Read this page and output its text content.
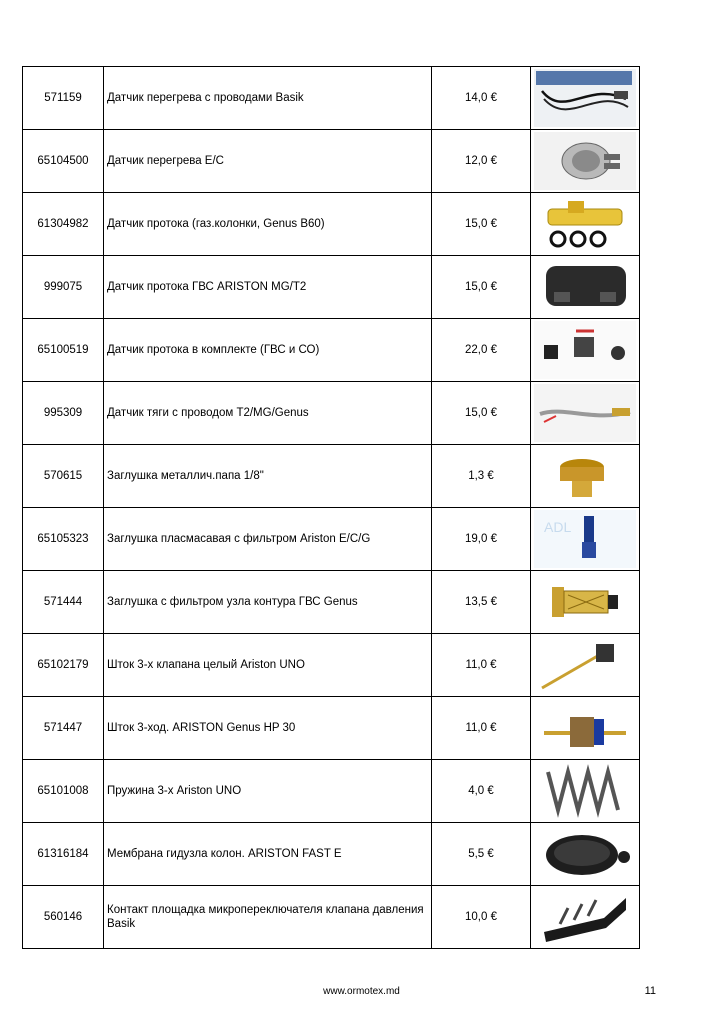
571159	Датчик перегрева с проводами Basik	14,0 €	

65104500	Датчик перегрева E/C	12,0 €	

61304982	Датчик протока (газ.колонки, Genus B60)	15,0 €	

999075	Датчик протока ГВС ARISTON MG/T2	15,0 €	

65100519	Датчик протока в комплекте (ГВС и СО)	22,0 €	

995309	Датчик тяги с проводом T2/MG/Genus	15,0 €	

570615	Заглушка металлич.папа 1/8"	1,3 €	

65105323	Заглушка пласмасавая с фильтром Ariston E/C/G	19,0 €	ADL

571444	Заглушка с фильтром узла контура ГВС Genus	13,5 €	

65102179	Шток 3-х клапана целый Ariston UNO	11,0 €	

571447	Шток 3-ход. ARISTON Genus HP 30	11,0 €	

65101008	Пружина 3-х Ariston UNO	4,0 €	

61316184	Мембрана гидузла колон. ARISTON FAST E	5,5 €	

560146	Контакт площадка микропереключателя клапана давления Basik	10,0 €	
www.ormotex.md	11
